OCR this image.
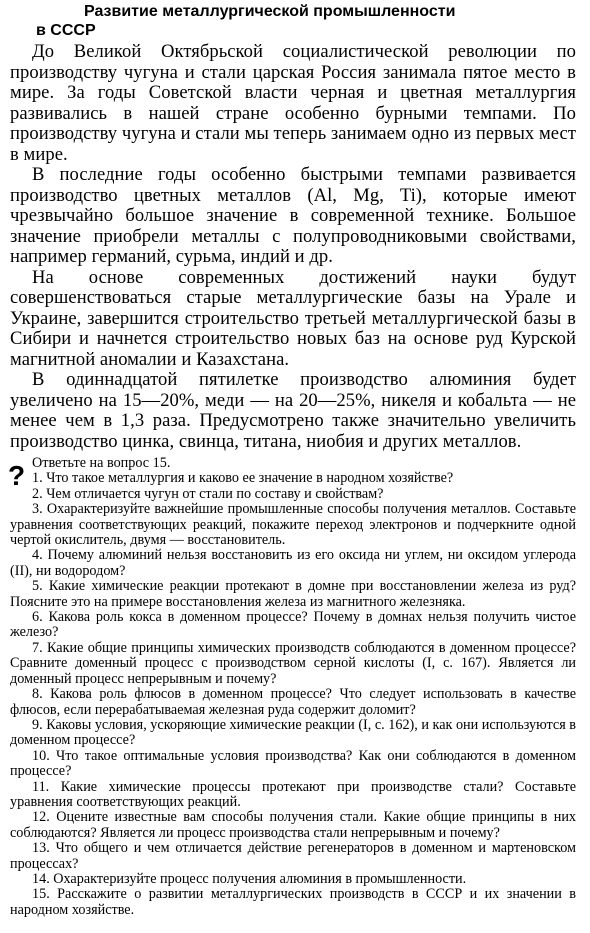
Развитие металлургической промышленности
в СССР

До Великой Октябрьской социалистической революции по производству чугуна и стали царская Россия занимала пятое место в мире. За годы Советской власти черная и цветная металлургия развивались в нашей стране особенно бурными темпами. По производству чугуна и стали мы теперь занимаем одно из первых мест в мире.

В последние годы особенно быстрыми темпами развивается производство цветных металлов (Al, Mg, Ti), которые имеют чрезвычайно большое значение в современной технике. Большое значение приобрели металлы с полупроводниковыми свойствами, например германий, сурьма, индий и др.

На основе современных достижений науки будут совершенствоваться старые металлургические базы на Урале и Украине, завершится строительство третьей металлургической базы в Сибири и начнется строительство новых баз на основе руд Курской магнитной аномалии и Казахстана.

В одиннадцатой пятилетке производство алюминия будет увеличено на 15—20%, меди — на 20—25%, никеля и кобальта — не менее чем в 1,3 раза. Предусмотрено также значительно увеличить производство цинка, свинца, титана, ниобия и других металлов.

? Ответьте на вопрос 15.

1. Что такое металлургия и каково ее значение в народном хозяйстве?

2. Чем отличается чугун от стали по составу и свойствам?

3. Охарактеризуйте важнейшие промышленные способы получения металлов. Составьте уравнения соответствующих реакций, покажите переход электронов и подчеркните одной чертой окислитель, двумя — восстановитель.

4. Почему алюминий нельзя восстановить из его оксида ни углем, ни оксидом углерода (II), ни водородом?

5. Какие химические реакции протекают в домне при восстановлении железа из руд? Поясните это на примере восстановления железа из магнитного железняка.

6. Какова роль кокса в доменном процессе? Почему в домнах нельзя получить чистое железо?

7. Какие общие принципы химических производств соблюдаются в доменном процессе? Сравните доменный процесс с производством серной кислоты (I, с. 167). Является ли доменный процесс непрерывным и почему?

8. Какова роль флюсов в доменном процессе? Что следует использовать в качестве флюсов, если перерабатываемая железная руда содержит доломит?

9. Каковы условия, ускоряющие химические реакции (I, с. 162), и как они используются в доменном процессе?

10. Что такое оптимальные условия производства? Как они соблюдаются в доменном процессе?

11. Какие химические процессы протекают при производстве стали? Составьте уравнения соответствующих реакций.

12. Оцените известные вам способы получения стали. Какие общие принципы в них соблюдаются? Является ли процесс производства стали непрерывным и почему?

13. Что общего и чем отличается действие регенераторов в доменном и мартеновском процессах?

14. Охарактеризуйте процесс получения алюминия в промышленности.

15. Расскажите о развитии металлургических производств в СССР и их значении в народном хозяйстве.
